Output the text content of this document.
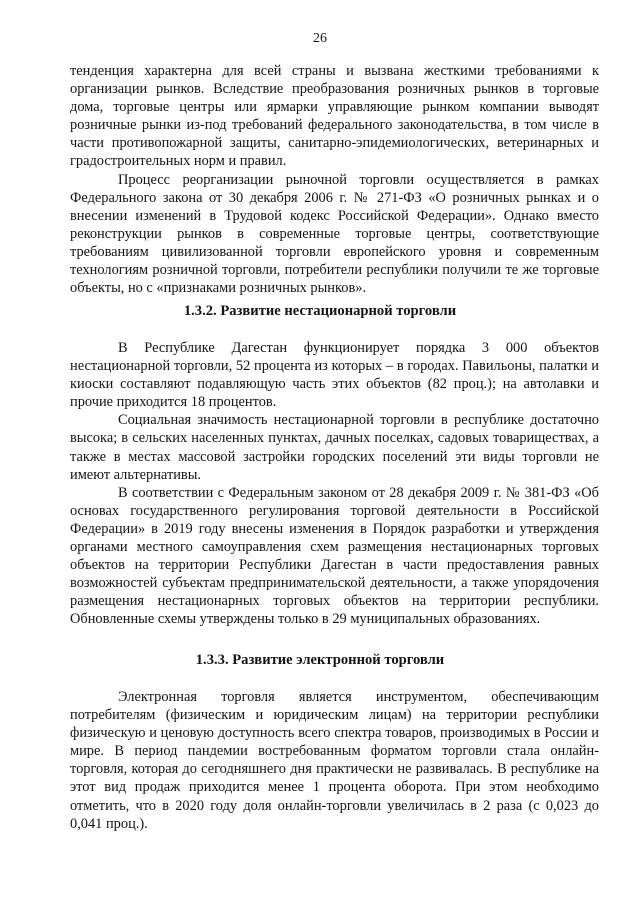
26

тенденция характерна для всей страны и вызвана жесткими требованиями к организации рынков. Вследствие преобразования розничных рынков в торговые дома, торговые центры или ярмарки управляющие рынком компании выводят розничные рынки из-под требований федерального законодательства, в том числе в части противопожарной защиты, санитарно-эпидемиологических, ветеринарных и градостроительных норм и правил.

Процесс реорганизации рыночной торговли осуществляется в рамках Федерального закона от 30 декабря 2006 г. № 271-ФЗ «О розничных рынках и о внесении изменений в Трудовой кодекс Российской Федерации». Однако вместо реконструкции рынков в современные торговые центры, соответствующие требованиям цивилизованной торговли европейского уровня и современным технологиям розничной торговли, потребители республики получили те же торговые объекты, но с «признаками розничных рынков».

1.3.2. Развитие нестационарной торговли

В Республике Дагестан функционирует порядка 3 000 объектов нестационарной торговли, 52 процента из которых – в городах. Павильоны, палатки и киоски составляют подавляющую часть этих объектов (82 проц.); на автолавки и прочие приходится 18 процентов.

Социальная значимость нестационарной торговли в республике достаточно высока; в сельских населенных пунктах, дачных поселках, садовых товариществах, а также в местах массовой застройки городских поселений эти виды торговли не имеют альтернативы.

В соответствии с Федеральным законом от 28 декабря 2009 г. № 381-ФЗ «Об основах государственного регулирования торговой деятельности в Российской Федерации» в 2019 году внесены изменения в Порядок разработки и утверждения органами местного самоуправления схем размещения нестационарных торговых объектов на территории Республики Дагестан в части предоставления равных возможностей субъектам предпринимательской деятельности, а также упорядочения размещения нестационарных торговых объектов на территории республики. Обновленные схемы утверждены только в 29 муниципальных образованиях.

1.3.3. Развитие электронной торговли

Электронная торговля является инструментом, обеспечивающим потребителям (физическим и юридическим лицам) на территории республики физическую и ценовую доступность всего спектра товаров, производимых в России и мире. В период пандемии востребованным форматом торговли стала онлайн-торговля, которая до сегодняшнего дня практически не развивалась. В республике на этот вид продаж приходится менее 1 процента оборота. При этом необходимо отметить, что в 2020 году доля онлайн-торговли увеличилась в 2 раза (с 0,023 до 0,041 проц.).
